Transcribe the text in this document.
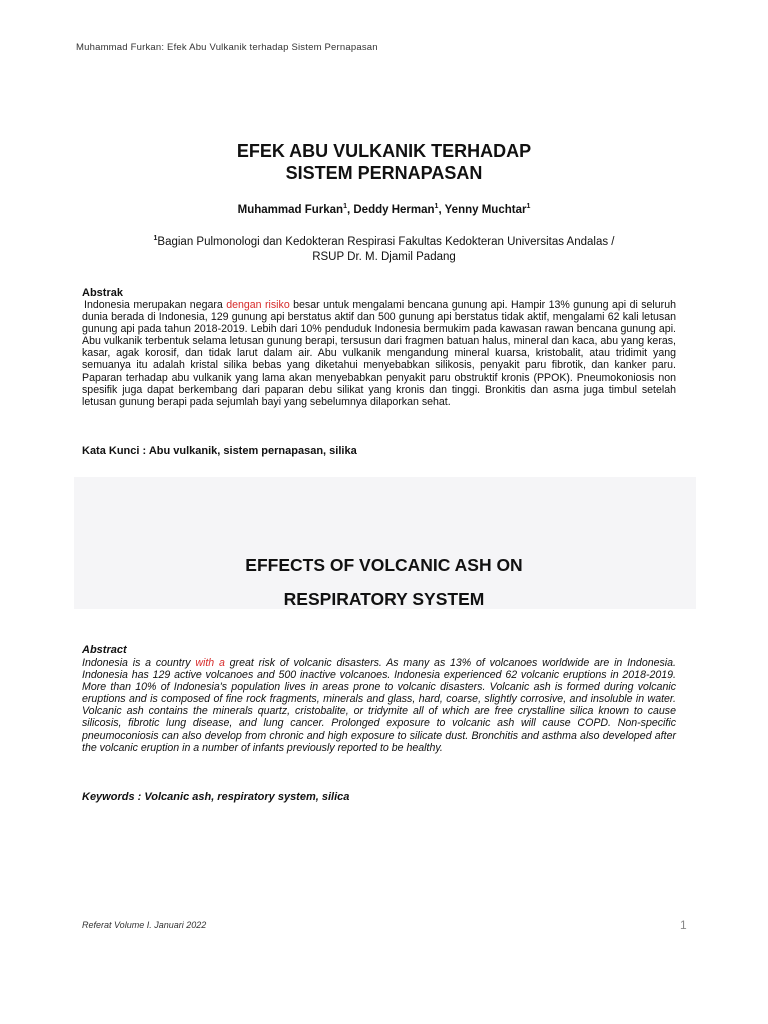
Muhammad Furkan: Efek Abu Vulkanik terhadap Sistem Pernapasan
EFEK ABU VULKANIK TERHADAP
SISTEM PERNAPASAN
Muhammad Furkan$^1$, Deddy Herman$^1$, Yenny Muchtar$^1$
$^1$Bagian Pulmonologi dan Kedokteran Respirasi Fakultas Kedokteran Universitas Andalas /
RSUP Dr. M. Djamil Padang
Abstrak
Indonesia merupakan negara dengan risiko besar untuk mengalami bencana gunung api. Hampir 13% gunung api di seluruh dunia berada di Indonesia, 129 gunung api berstatus aktif dan 500 gunung api berstatus tidak aktif, mengalami 62 kali letusan gunung api pada tahun 2018-2019. Lebih dari 10% penduduk Indonesia bermukim pada kawasan rawan bencana gunung api. Abu vulkanik terbentuk selama letusan gunung berapi, tersusun dari fragmen batuan halus, mineral dan kaca, abu yang keras, kasar, agak korosif, dan tidak larut dalam air. Abu vulkanik mengandung mineral kuarsa, kristobalit, atau tridimit yang semuanya itu adalah kristal silika bebas yang diketahui menyebabkan silikosis, penyakit paru fibrotik, dan kanker paru. Paparan terhadap abu vulkanik yang lama akan menyebabkan penyakit paru obstruktif kronis (PPOK). Pneumokoniosis non spesifik juga dapat berkembang dari paparan debu silikat yang kronis dan tinggi. Bronkitis dan asma juga timbul setelah letusan gunung berapi pada sejumlah bayi yang sebelumnya dilaporkan sehat.
Kata Kunci : Abu vulkanik, sistem pernapasan, silika
EFFECTS OF VOLCANIC ASH ON
RESPIRATORY SYSTEM
Abstract
Indonesia is a country with a great risk of volcanic disasters. As many as 13% of volcanoes worldwide are in Indonesia. Indonesia has 129 active volcanoes and 500 inactive volcanoes. Indonesia experienced 62 volcanic eruptions in 2018-2019. More than 10% of Indonesia's population lives in areas prone to volcanic disasters. Volcanic ash is formed during volcanic eruptions and is composed of fine rock fragments, minerals and glass, hard, coarse, slightly corrosive, and insoluble in water. Volcanic ash contains the minerals quartz, cristobalite, or tridymite all of which are free crystalline silica known to cause silicosis, fibrotic lung disease, and lung cancer. Prolonged exposure to volcanic ash will cause COPD. Non-specific pneumoconiosis can also develop from chronic and high exposure to silicate dust. Bronchitis and asthma also developed after the volcanic eruption in a number of infants previously reported to be healthy.
Keywords : Volcanic ash, respiratory system, silica
Referat Volume I. Januari 2022	1
